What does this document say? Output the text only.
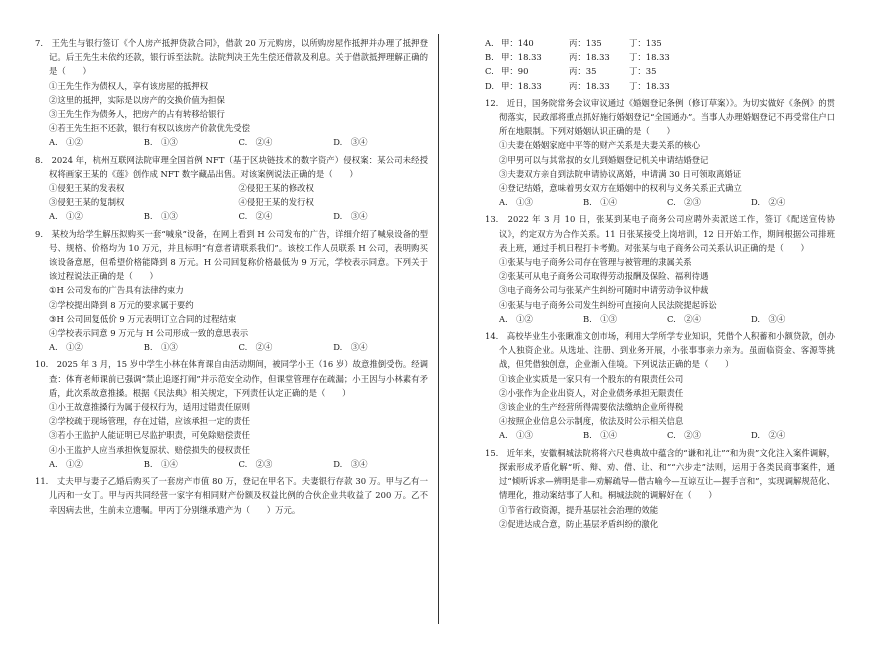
7.　王先生与银行签订《个人房产抵押贷款合同》，借款 20 万元购房，以所购房屋作抵押并办理了抵押登记。后王先生未依约还款，银行诉至法院。法院判决王先生偿还借款及利息。关于借款抵押理解正确的是（　　）
①王先生作为债权人，享有该房屋的抵押权
②这里的抵押，实际是以房产的交换价值为担保
③王先生作为债务人，把房产的占有转移给银行
④若王先生拒不还款，银行有权以该房产价款优先受偿
A.　①②	B.　①③	C.　②④	D.　③④
8.　2024 年，杭州互联网法院审理全国首例 NFT（基于区块链技术的数字资产）侵权案：某公司未经授权将画家王某的《莲》创作成 NFT 数字藏品出售。对该案例说法正确的是（　　）
①侵犯王某的发表权	②侵犯王某的修改权
③侵犯王某的复制权	④侵犯王某的发行权
A.　①②	B.　①③	C.　②④	D.　③④
9.　某校为给学生解压拟购买一套“喊泉”设备，在网上看到 H 公司发布的广告，详细介绍了喊泉设备的型号、规格、价格均为 10 万元，并且标明“有意者请联系我们”。该校工作人员联系 H 公司，表明购买该设备意愿，但希望价格能降到 8 万元。H 公司回复称价格最低为 9 万元，学校表示同意。下列关于该过程说法正确的是（　　）
①H 公司发布的广告具有法律约束力
②学校提出降到 8 万元的要求属于要约
③H 公司回复低价 9 万元表明订立合同的过程结束
④学校表示同意 9 万元与 H 公司形成一致的意思表示
A.　①②	B.　①③	C.　②④	D.　③④
10.　2025 年 3 月，15 岁中学生小林在体育课自由活动期间，被同学小王（16 岁）故意推倒受伤。经调查：体育老师课前已强调“禁止追逐打闹”并示范安全动作，但课堂管理存在疏漏；小王因与小林素有矛盾，此次系故意推搡。根据《民法典》相关规定，下列责任认定正确的是（　　）
①小王故意推搡行为属于侵权行为，适用过错责任原则
②学校疏于现场管理，存在过错，应该承担一定的责任
③若小王监护人能证明已尽监护职责，可免除赔偿责任
④小王监护人应当承担恢复原状、赔偿损失的侵权责任
A.　①②	B.　①④	C.　②③	D.　③④
11.　丈夫甲与妻子乙婚后购买了一套房产市值 80 万，登记在甲名下。夫妻银行存款 30 万。甲与乙有一儿丙和一女丁。甲与丙共同经营一家字有相同财产份额及权益比例的合伙企业共收益了 200 万。乙不幸因病去世，生前未立遗嘱。甲丙丁分别继承遗产为（　　）万元。
A. 甲：140	丙：135	丁：135
B. 甲：18.33	丙：18.33	丁：18.33
C. 甲：90	丙：35	丁：35
D. 甲：18.33	丙：18.33	丁：18.33
12.　近日，国务院常务会议审议通过《婚姻登记条例（修订草案）》。为切实做好《条例》的贯彻落实，民政部将重点抓好施行婚姻登记“全国通办”。当事人办理婚姻登记不再受常住户口所在地限制。下列对婚姻认识正确的是（　　）
①夫妻在婚姻家庭中平等的财产关系是夫妻关系的核心
②甲男可以与其常叔的女儿到婚姻登记机关申请结婚登记
③夫妻双方亲自到法院申请协议离婚，申请满 30 日可领取离婚证
④登记结婚，意味着男女双方在婚姻中的权利与义务关系正式确立
A.　①③	B.　①④	C.　②③	D.　②④
13.　2022 年 3 月 10 日，张某到某电子商务公司应聘外卖派送工作，签订《配送宣传协议》，约定双方为合作关系。11 日张某接受上岗培训，12 日开始工作，期间根据公司排班表上班，通过手机日程打卡考勤。对张某与电子商务公司关系认识正确的是（　　）
①张某与电子商务公司存在管理与被管理的隶属关系
②张某可从电子商务公司取得劳动报酬及保险、福利待遇
③电子商务公司与张某产生纠纷可随时申请劳动争议仲裁
④张某与电子商务公司发生纠纷可直接向人民法院提起诉讼
A.　①②	B.　①③	C.　②④	D.　③④
14.　高校毕业生小张瞅准文创市场，利用大学所学专业知识，凭借个人积蓄和小额贷款，创办个人独资企业。从选址、注册、到业务开展，小张事事亲力亲为。虽面临资金、客源等挑战，但凭借独创意，企业渐入佳境。下列说法正确的是（　　）
①该企业实质是一家只有一个股东的有限责任公司
②小张作为企业出资人，对企业债务承担无限责任
③该企业的生产经营所得需要依法缴纳企业所得税
④按照企业信息公示制度，依法及时公示相关信息
A.　①③	B.　①④	C.　②③	D.　②④
15.　近年来，安徽桐城法院将将六尺巷典故中蕴含的“谦和礼让”“和为贵”文化注入案件调解，探索形成矛盾化解“听、辩、劝、借、让、和”“六步走”法则，运用于各类民商事案件，通过“倾听诉求—辨明是非—劝解疏导—借古喻今—互谅互让—握手言和”，实现调解规范化、情理化，推动案结事了人和。桐城法院的调解好在（　　）
①节省行政资源，提升基层社会治理的效能
②促进达成合意，防止基层矛盾纠纷的激化
